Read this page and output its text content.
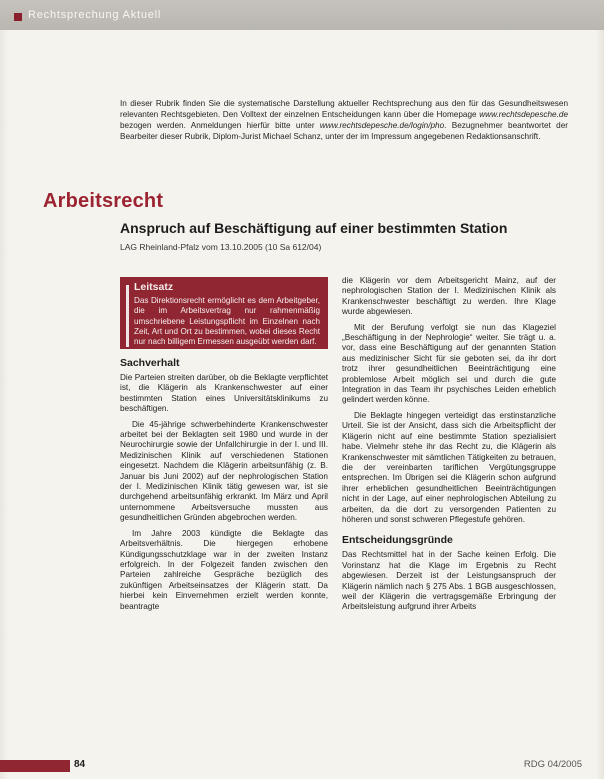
Rechtsprechung Aktuell
In dieser Rubrik finden Sie die systematische Darstellung aktueller Rechtsprechung aus den für das Gesundheitswesen relevanten Rechtsgebieten. Den Volltext der einzelnen Entscheidungen kann über die Homepage www.rechtsdepesche.de bezogen werden. Anmeldungen hierfür bitte unter www.rechtsdepesche.de/login/pho. Bezugnehmer beantwortet der Bearbeiter dieser Rubrik, Diplom-Jurist Michael Schanz, unter der im Impressum angegebenen Redaktionsanschrift.
Arbeitsrecht
Anspruch auf Beschäftigung auf einer bestimmten Station
LAG Rheinland-Pfalz vom 13.10.2005 (10 Sa 612/04)
Leitsatz
Das Direktionsrecht ermöglicht es dem Arbeitgeber, die im Arbeitsvertrag nur rahmenmäßig umschriebene Leistungspflicht im Einzelnen nach Zeit, Art und Ort zu bestimmen, wobei dieses Recht nur nach billigem Ermessen ausgeübt werden darf.
Sachverhalt

Die Parteien streiten darüber, ob die Beklagte verpflichtet ist, die Klägerin als Krankenschwester auf einer bestimmten Station eines Universitätsklinikums zu beschäftigen.

Die 45-jährige schwerbehinderte Krankenschwester arbeitet bei der Beklagten seit 1980 und wurde in der Neurochirurgie sowie der Unfallchirurgie in der I. und III. Medizinischen Klinik auf verschiedenen Stationen eingesetzt. Nachdem die Klägerin arbeitsunfähig (z. B. Januar bis Juni 2002) auf der nephrologischen Station der I. Medizinischen Klinik tätig gewesen war, ist sie durchgehend arbeitsunfähig erkrankt. Im März und April unternommene Arbeitsversuche mussten aus gesundheitlichen Gründen abgebrochen werden.

Im Jahre 2003 kündigte die Beklagte das Arbeitsverhältnis. Die hiergegen erhobene Kündigungsschutzklage war in der zweiten Instanz erfolgreich. In der Folgezeit fanden zwischen den Parteien zahlreiche Gespräche bezüglich des zukünftigen Arbeitseinsatzes der Klägerin statt. Da hierbei kein Einvernehmen erzielt werden konnte, beantragte

die Klägerin vor dem Arbeitsgericht Mainz, auf der nephrologischen Station der I. Medizinischen Klinik als Krankenschwester beschäftigt zu werden. Ihre Klage wurde abgewiesen.

Mit der Berufung verfolgt sie nun das Klageziel „Beschäftigung in der Nephrologie“ weiter. Sie trägt u. a. vor, dass eine Beschäftigung auf der genannten Station aus medizinischer Sicht für sie geboten sei, da ihr dort trotz ihrer gesundheitlichen Beeinträchtigung eine problemlose Arbeit möglich sei und durch die gute Integration in das Team ihr psychisches Leiden erheblich gelindert werden könne.

Die Beklagte hingegen verteidigt das erstinstanzliche Urteil. Sie ist der Ansicht, dass sich die Arbeitspflicht der Klägerin nicht auf eine bestimmte Station spezialisiert habe. Vielmehr stehe ihr das Recht zu, die Klägerin als Krankenschwester mit sämtlichen Tätigkeiten zu betrauen, die der vereinbarten tariflichen Vergütungsgruppe entsprechen. Im Übrigen sei die Klägerin schon aufgrund ihrer erheblichen gesundheitlichen Beeinträchtigungen nicht in der Lage, auf einer nephrologischen Abteilung zu arbeiten, da die dort zu versorgenden Patienten zu höheren und sonst schweren Pflegestufe gehören.

Entscheidungsgründe

Das Rechtsmittel hat in der Sache keinen Erfolg. Die Vorinstanz hat die Klage im Ergebnis zu Recht abgewiesen. Derzeit ist der Leistungsanspruch der Klägerin nämlich nach § 275 Abs. 1 BGB ausgeschlossen, weil der Klägerin die vertragsgemäße Erbringung der Arbeitsleistung aufgrund ihrer Arbeits

84	RDG 04/2005
